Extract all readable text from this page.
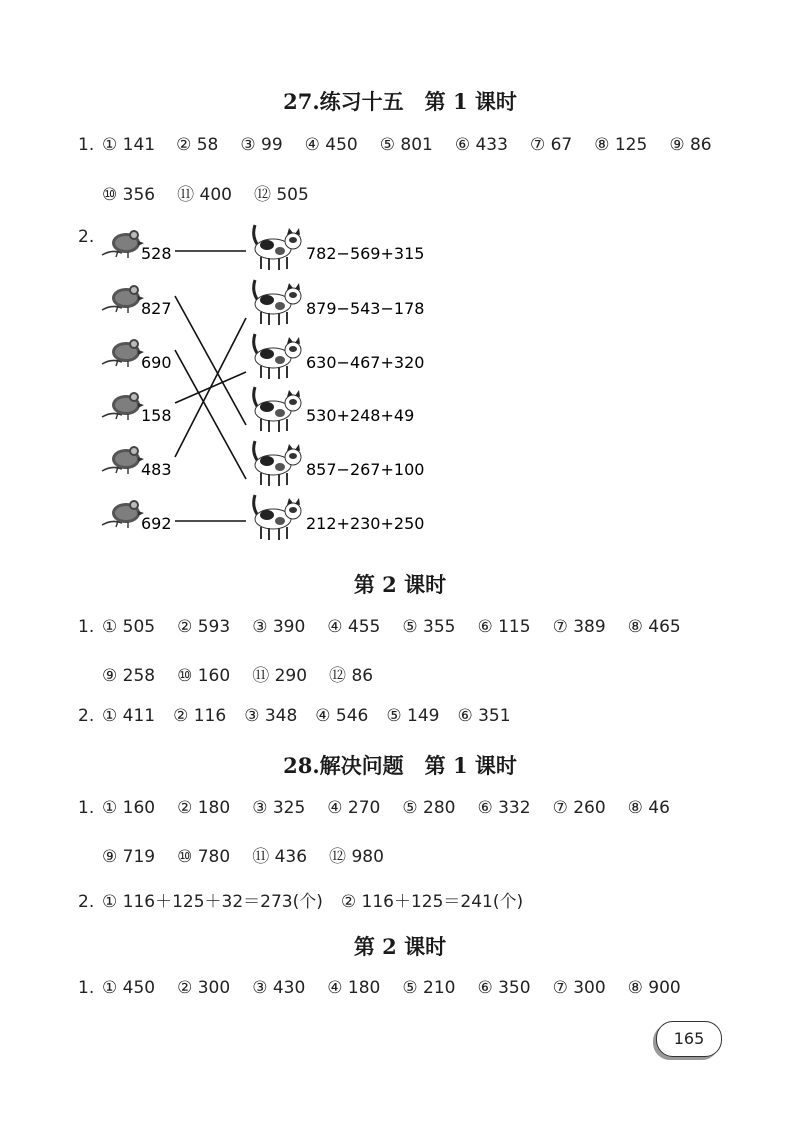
27.练习十五　第 1 课时
1. ① 141 ② 58 ③ 99 ④ 450 ⑤ 801 ⑥ 433 ⑦ 67 ⑧ 125 ⑨ 86
⑩ 356 ⑪ 400 ⑫ 505
2.
528	782−569+315
827	879−543−178
690	630−467+320
158	530+248+49
483	857−267+100
692	212+230+250
第 2 课时
1. ① 505 ② 593 ③ 390 ④ 455 ⑤ 355 ⑥ 115 ⑦ 389 ⑧ 465
⑨ 258 ⑩ 160 ⑪ 290 ⑫ 86
2. ① 411 ② 116 ③ 348 ④ 546 ⑤ 149 ⑥ 351
28.解决问题　第 1 课时
1. ① 160 ② 180 ③ 325 ④ 270 ⑤ 280 ⑥ 332 ⑦ 260 ⑧ 46
⑨ 719 ⑩ 780 ⑪ 436 ⑫ 980
2. ① 116＋125＋32＝273(个) ② 116＋125＝241(个)
第 2 课时
1. ① 450 ② 300 ③ 430 ④ 180 ⑤ 210 ⑥ 350 ⑦ 300 ⑧ 900
165
